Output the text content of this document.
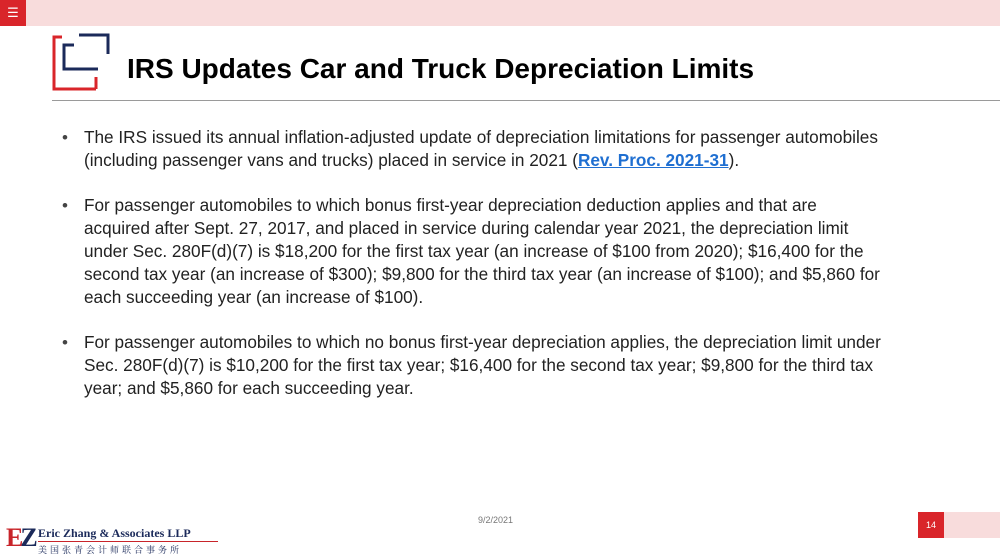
☰
IRS Updates Car and Truck Depreciation Limits
• The IRS issued its annual inflation-adjusted update of depreciation limitations for passenger automobiles (including passenger vans and trucks) placed in service in 2021 (Rev. Proc. 2021-31).
• For passenger automobiles to which bonus first-year depreciation deduction applies and that are acquired after Sept. 27, 2017, and placed in service during calendar year 2021, the depreciation limit under Sec. 280F(d)(7) is $18,200 for the first tax year (an increase of $100 from 2020); $16,400 for the second tax year (an increase of $300); $9,800 for the third tax year (an increase of $100); and $5,860 for each succeeding year (an increase of $100).
• For passenger automobiles to which no bonus first-year depreciation applies, the depreciation limit under Sec. 280F(d)(7) is $10,200 for the first tax year; $16,400 for the second tax year; $9,800 for the third tax year; and $5,860 for each succeeding year.
9/2/2021
EZ Eric Zhang & Associates LLP
美国张青会计师联合事务所
14
